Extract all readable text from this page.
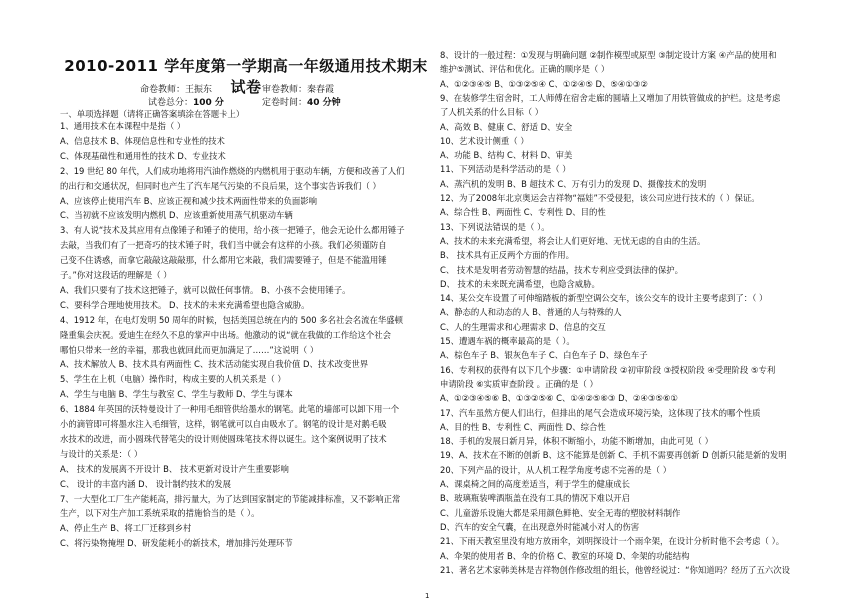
2010-2011 学年度第一学期高一年级通用技术期末试卷
命卷教师：王振东	审卷教师：秦春霞
试卷总分：100 分	定卷时间：40 分钟
一、单项选择题（请将正确答案填涂在答题卡上）
1、通用技术在本课程中是指（ ）
A、信息技术 B、体现信息性和专业性的技术
C、体现基础性和通用性的技术 D、专业技术
2、19 世纪 80 年代，人们成功地将用汽油作燃烧的内燃机用于驱动车辆，方便和改善了人们
的出行和交通状况，但同时也产生了汽车尾气污染的不良后果，这个事实告诉我们（ ）
A、应该停止使用汽车 B、应该正视和减少技术两面性带来的负面影响
C、当初就不应该发明内燃机 D、应该重新使用蒸气机驱动车辆
3、有人说“技术及其应用有点像锤子和锤子的使用，给小孩一把锤子，他会无论什么都用锤子
去敲，当我们有了一把奇巧的技术锤子时，我们当中就会有这样的小孩。我们必须谨防自
己变不住诱惑，而拿它敲敲这敲敲那，什么都用它来敲，我们需要锤子，但是不能滥用锤
子。”你对这段话的理解是（ ）
A、我们只要有了技术这把锤子，就可以做任何事情。 B、小孩不会使用锤子。
C、要科学合理地使用技术。 D、技术的未来充满希望也隐含威胁。
4、1912 年，在电灯发明 50 周年的时候，包括美国总统在内的 500 多名社会名流在华盛顿
隆重集会庆祝。爱迪生在经久不息的掌声中出场。他激动的说“就在我做的工作给这个社会
哪怕只带来一丝的幸福，那我也就回此而更加满足了……”这说明（ ）
A、技术解放人 B、技术具有两面性 C、技术活动能实现自我价值 D、技术改变世界
5、学生在上机（电脑）操作时，构成主要的人机关系是（ ）
A、学生与电脑 B、学生与教室 C、学生与教师 D、学生与课本
6、1884 年英国的沃特曼设计了一种用毛细管供给墨水的钢笔。此笔的墙部可以卸下用一个
小的滴管即可将墨水注入毛细管，这样，钢笔就可以自由吸水了。钢笔的设计是对鹅毛吸
水技术的改进，而小圆珠代替笔尖的设计则使圆珠笔技术得以诞生。这个案例说明了技术
与设计的关系是：（ ）
A、 技术的发展离不开设计 B、 技术更新对设计产生重要影响
C、 设计的丰富内涵 D、 设计制约技术的发展
7、一大型化工厂生产能耗高，排污量大，为了达到国家制定的节能减排标准，又不影响正常
生产，以下对生产加工系统采取的措施恰当的是（ ）。
A、停止生产 B、将工厂迁移到乡村
C、将污染物掩埋 D、研发能耗小的新技术，增加排污处理环节
8、设计的一般过程：①发现与明确问题 ②制作模型或原型 ③制定设计方案 ④产品的使用和
维护⑤测试、评估和优化。正确的顺序是（ ）
A、①②③④⑤ B、①③②⑤④ C、①②④⑤ D、⑤④①③②
9、在装修学生宿舍时，工人师傅在宿舍走廊的圆墙上又增加了用铁管做成的护栏。这是考虑
了人机关系的什么目标（ ）
A、高效 B、健康 C、舒适 D、安全
10、艺术设计侧重（ ）
A、功能 B、结构 C、材料 D、审美
11、下列活动是科学活动的是（ ）
A、蒸汽机的发明 B、B 超技术 C、万有引力的发现 D、摄像技术的发明
12、为了2008年北京奥运会吉祥物“福娃”不受侵犯，该公司应进行技术的（ ）保证。
A、综合性 B、两面性 C、专利性 D、目的性
13、下列说法错误的是（ ）。
A、技术的未来充满希望，将会让人们更好地、无忧无虑的自由的生活。
B、 技术具有正反两个方面的作用。
C、 技术是发明者劳动智慧的结晶，技术专利应受到法律的保护。
D、 技术的未来既充满希望，也隐含威胁。
14、某公交车设置了可伸缩踏板的新型空调公交车，该公交车的设计主要考虑到了：（ ）
A、静态的人和动态的人 B、普通的人与特殊的人
C、人的生理需求和心理需求 D、信息的交互
15、遭遇车祸的概率最高的是（ ）。
A、棕色车子 B、银灰色车子 C、白色车子 D、绿色车子
16、专利权的获得有以下几个步骤：①申请阶段 ②初审阶段 ③授权阶段 ④受理阶段 ⑤专利
申请阶段 ⑥实质审查阶段 。正确的是（ ）
A、①②③④⑤⑥ B、①③②⑤⑥ C、①④②⑤⑥③ D、②④③⑤⑥①
17、汽车虽然方便人们出行，但排出的尾气会造成环境污染，这体现了技术的哪个性质
A、目的性 B、专利性 C、两面性 D、综合性
18、手机的发展日新月异，体积不断缩小，功能不断增加，由此可见（ ）
19、A、技术在不断的创新 B、这不能算是创新 C、手机不需要再创新 D 创新只能是新的发明
20、下列产品的设计，从人机工程学角度考虑不完善的是（ ）
A、课桌椅之间的高度差适当，利于学生的健康成长
B、玻璃瓶装啤酒瓶盖在没有工具的情况下难以开启
C、儿童游乐设施大都是采用颜色鲜艳、安全无毒的塑胶材料制作
D、汽车的安全气囊，在出现意外时能减小对人的伤害
21、下雨天教室里没有地方放雨伞，刘明探设计一个雨伞架，在设计分析时他不会考虑（ ）。
A、伞架的使用者 B、伞的价格 C、教室的环境 D、伞架的功能结构
21、著名艺术家韩美林是吉祥物创作修改组的组长，他曾经说过：“你知道吗？经历了五六次设
1
